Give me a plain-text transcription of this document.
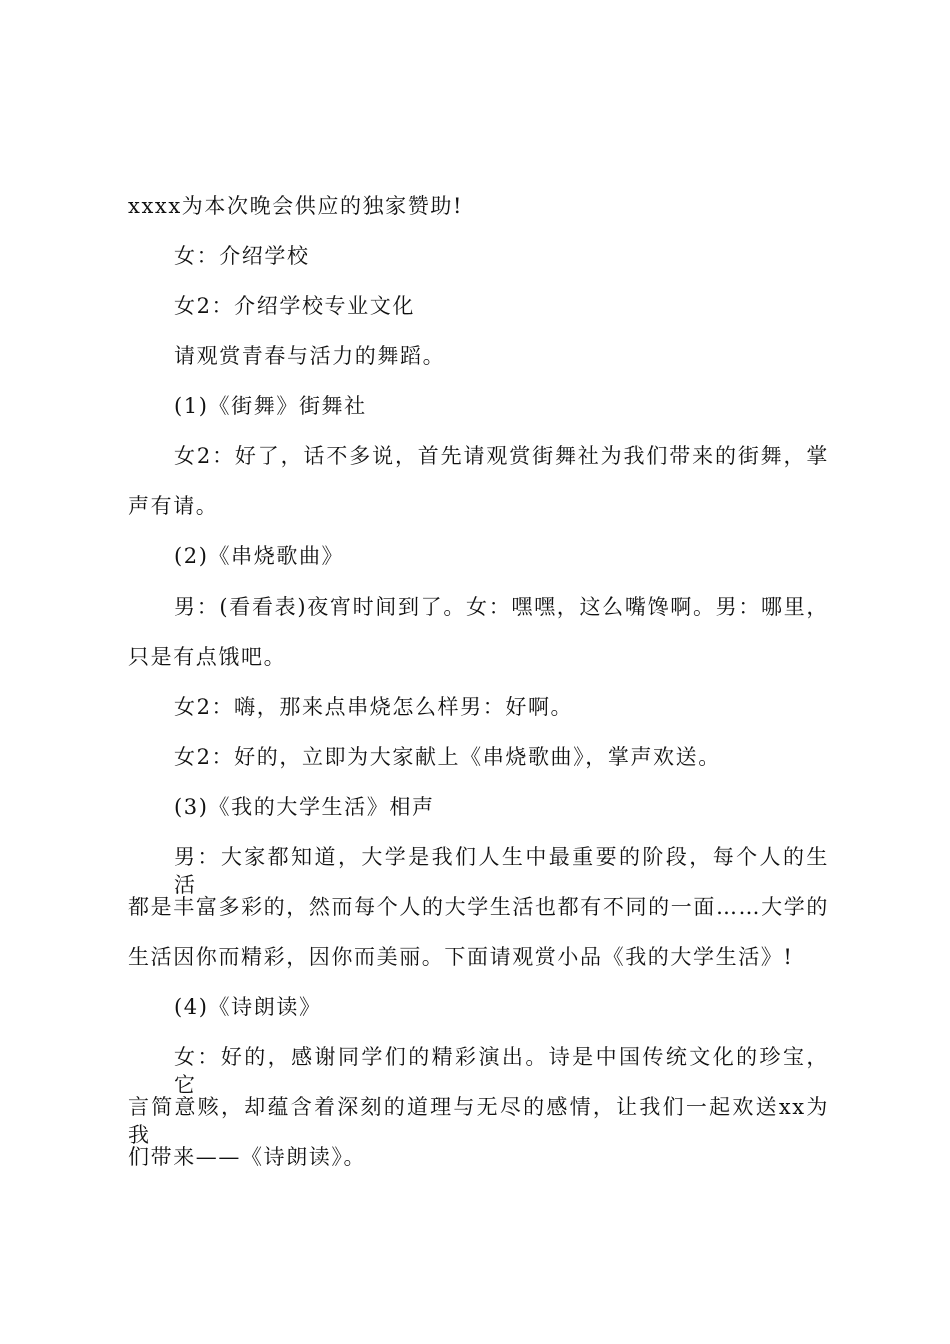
xxxx为本次晚会供应的独家赞助!

女：介绍学校

女2：介绍学校专业文化

请观赏青春与活力的舞蹈。

(1)《街舞》街舞社

女2：好了，话不多说，首先请观赏街舞社为我们带来的街舞，掌

声有请。

(2)《串烧歌曲》

男：(看看表)夜宵时间到了。女：嘿嘿，这么嘴馋啊。男：哪里，

只是有点饿吧。

女2：嗨，那来点串烧怎么样男：好啊。

女2：好的，立即为大家献上《串烧歌曲》，掌声欢送。

(3)《我的大学生活》相声

男：大家都知道，大学是我们人生中最重要的阶段，每个人的生活

都是丰富多彩的，然而每个人的大学生活也都有不同的一面……大学的

生活因你而精彩，因你而美丽。下面请观赏小品《我的大学生活》!

(4)《诗朗读》

女：好的，感谢同学们的精彩演出。诗是中国传统文化的珍宝，它

言简意赅，却蕴含着深刻的道理与无尽的感情，让我们一起欢送xx为我

们带来——《诗朗读》。
